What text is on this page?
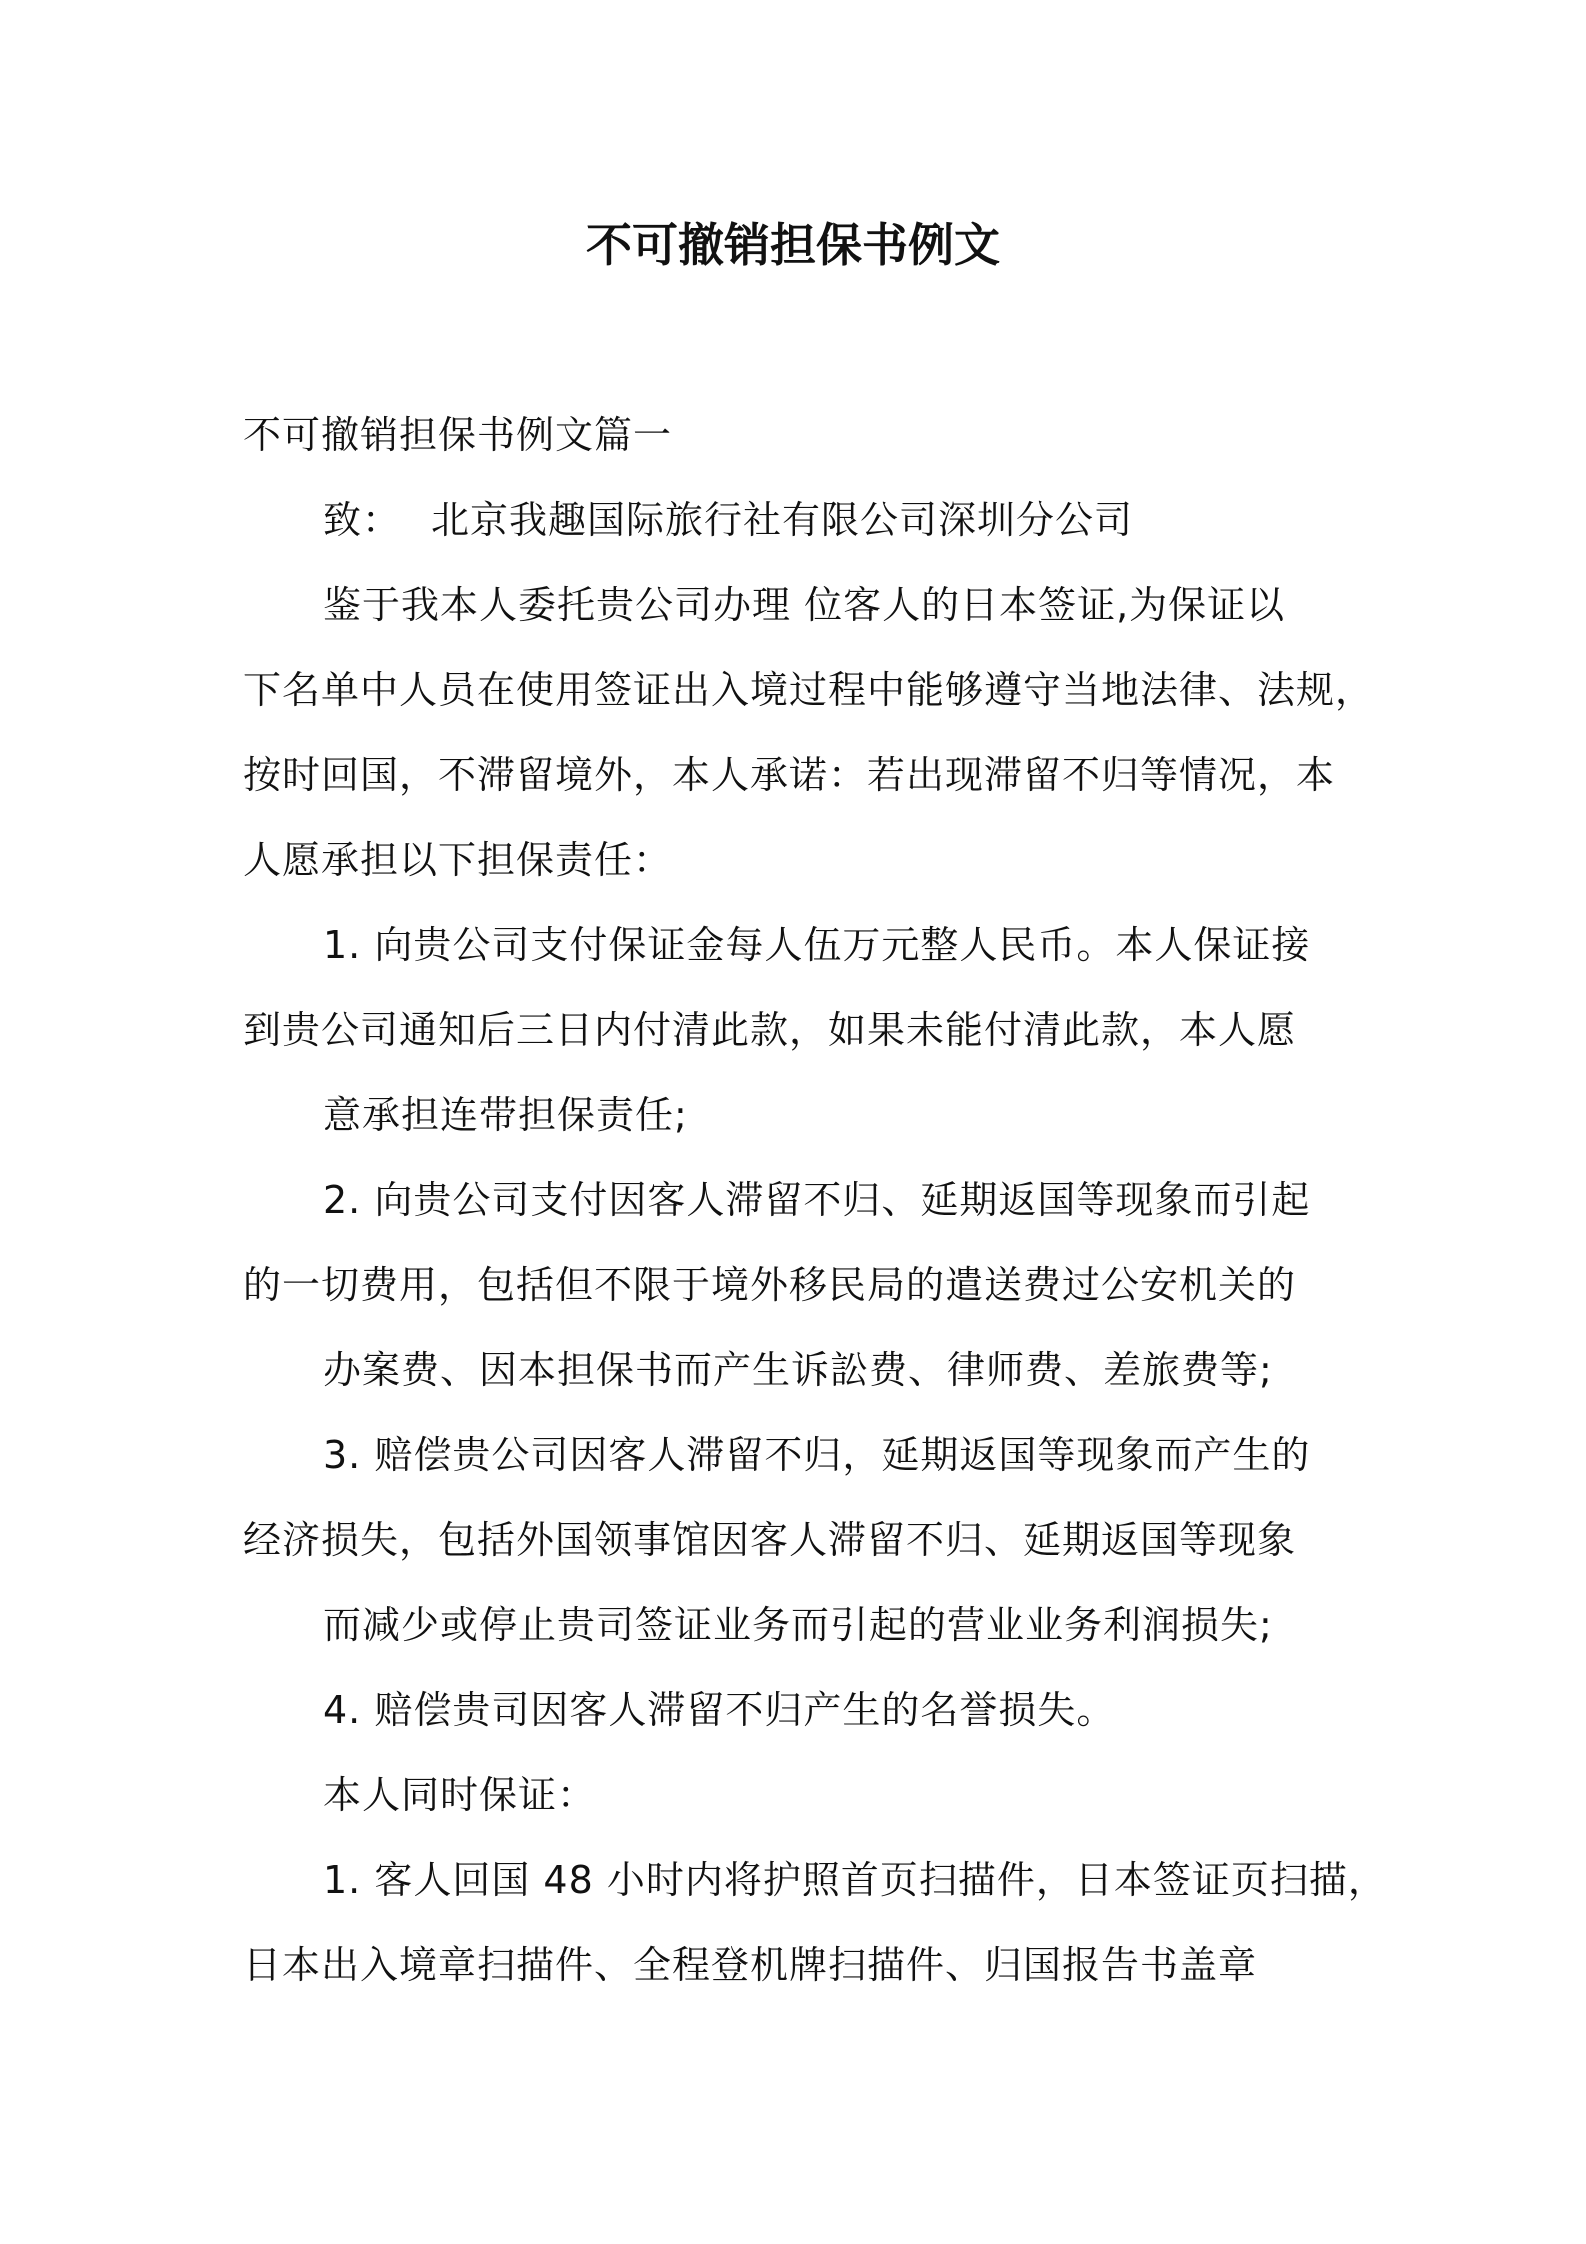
不可撤销担保书例文
不可撤销担保书例文篇一
致： 北京我趣国际旅行社有限公司深圳分公司
鉴于我本人委托贵公司办理 位客人的日本签证,为保证以
下名单中人员在使用签证出入境过程中能够遵守当地法律、法规，
按时回国，不滞留境外，本人承诺：若出现滞留不归等情况，本
人愿承担以下担保责任：
1. 向贵公司支付保证金每人伍万元整人民币。本人保证接
到贵公司通知后三日内付清此款，如果未能付清此款，本人愿
意承担连带担保责任;
2. 向贵公司支付因客人滞留不归、延期返国等现象而引起
的一切费用，包括但不限于境外移民局的遣送费过公安机关的
办案费、因本担保书而产生诉訟费、律师费、差旅费等;
3. 赔偿贵公司因客人滞留不归，延期返国等现象而产生的
经济损失，包括外国领事馆因客人滞留不归、延期返国等现象
而减少或停止贵司签证业务而引起的营业业务利润损失;
4. 赔偿贵司因客人滞留不归产生的名誉损失。
本人同时保证：
1. 客人回国 48 小时内将护照首页扫描件，日本签证页扫描，
日本出入境章扫描件、全程登机牌扫描件、归国报告书盖章
